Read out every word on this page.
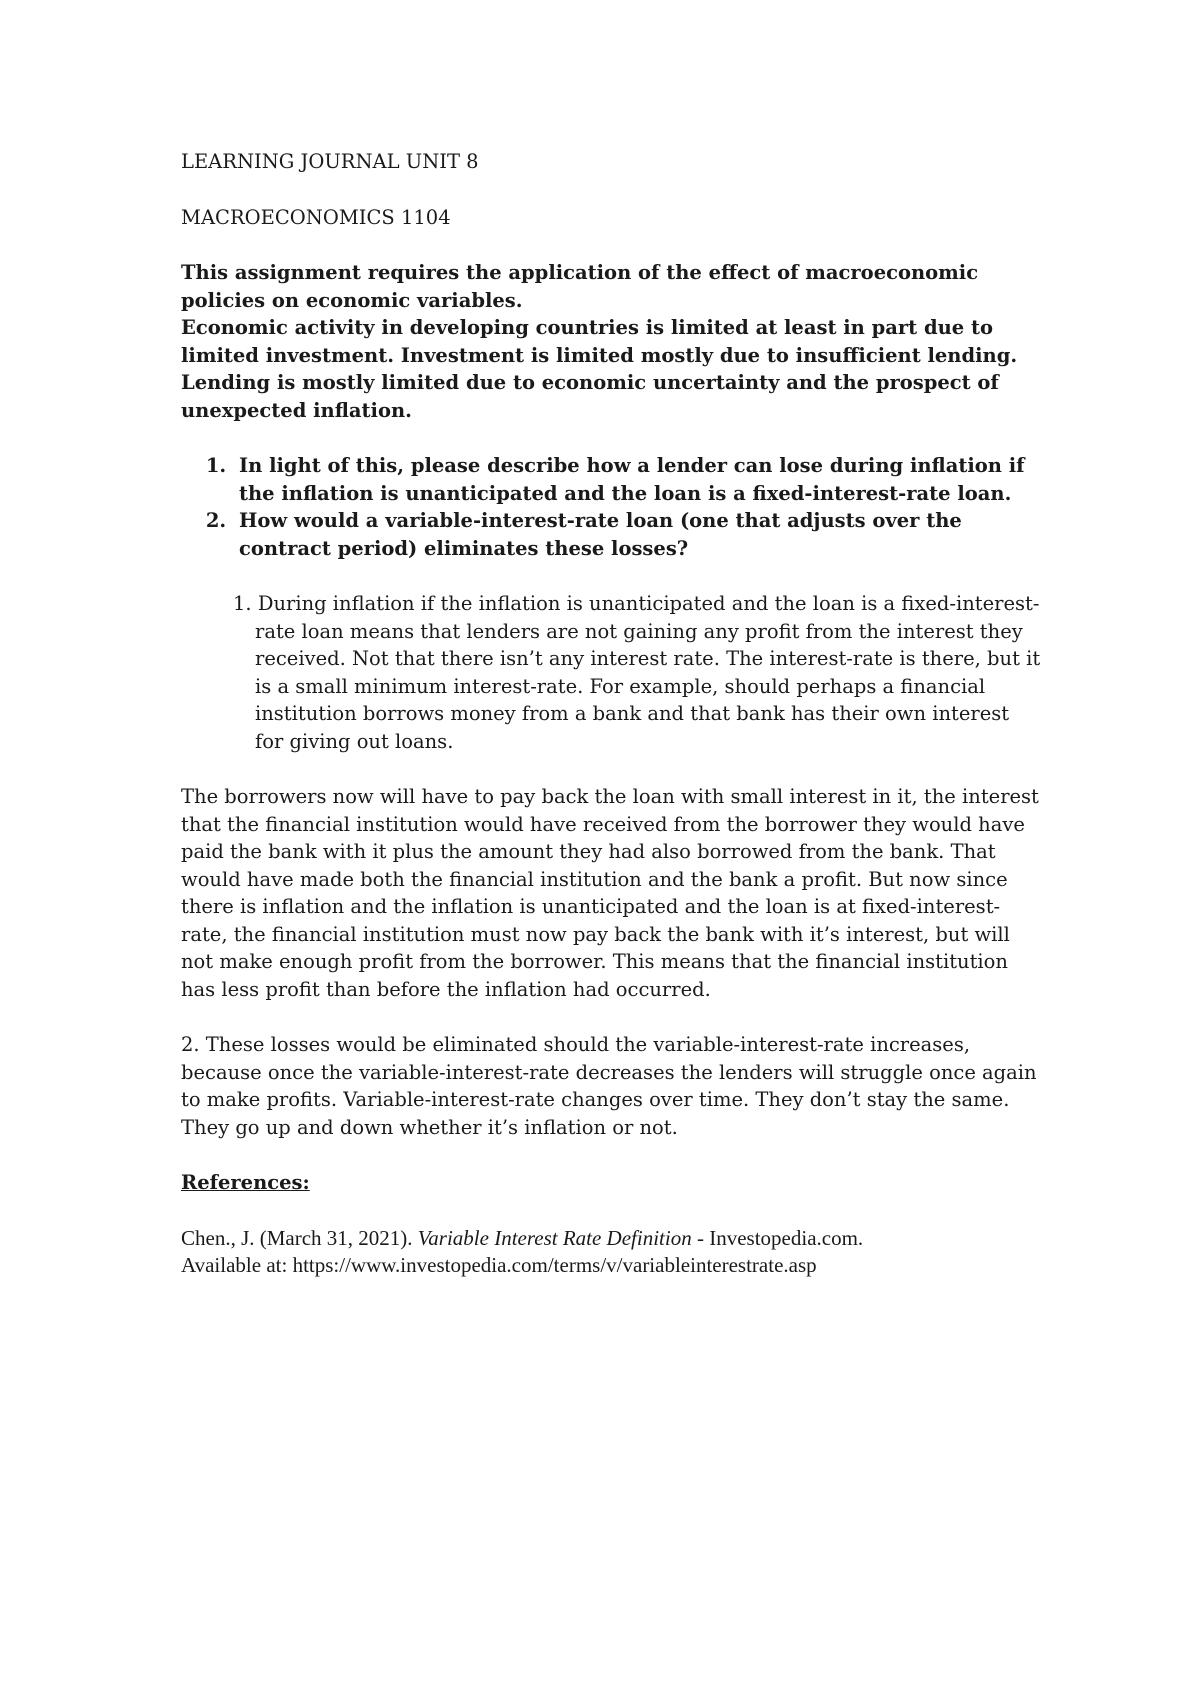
LEARNING JOURNAL UNIT 8

MACROECONOMICS 1104

This assignment requires the application of the effect of macroeconomic policies on economic variables.

Economic activity in developing countries is limited at least in part due to limited investment. Investment is limited mostly due to insufficient lending. Lending is mostly limited due to economic uncertainty and the prospect of unexpected inflation.

1. In light of this, please describe how a lender can lose during inflation if the inflation is unanticipated and the loan is a fixed-interest-rate loan.
2. How would a variable-interest-rate loan (one that adjusts over the contract period) eliminates these losses?

1. During inflation if the inflation is unanticipated and the loan is a fixed-interest-rate loan means that lenders are not gaining any profit from the interest they received. Not that there isn’t any interest rate. The interest-rate is there, but it is a small minimum interest-rate. For example, should perhaps a financial institution borrows money from a bank and that bank has their own interest for giving out loans.

The borrowers now will have to pay back the loan with small interest in it, the interest that the financial institution would have received from the borrower they would have paid the bank with it plus the amount they had also borrowed from the bank. That would have made both the financial institution and the bank a profit. But now since there is inflation and the inflation is unanticipated and the loan is at fixed-interest-rate, the financial institution must now pay back the bank with it’s interest, but will not make enough profit from the borrower. This means that the financial institution has less profit than before the inflation had occurred.

2. These losses would be eliminated should the variable-interest-rate increases, because once the variable-interest-rate decreases the lenders will struggle once again to make profits. Variable-interest-rate changes over time. They don’t stay the same. They go up and down whether it’s inflation or not.

References:

Chen., J. (March 31, 2021). Variable Interest Rate Definition - Investopedia.com.

Available at: https://www.investopedia.com/terms/v/variableinterestrate.asp
